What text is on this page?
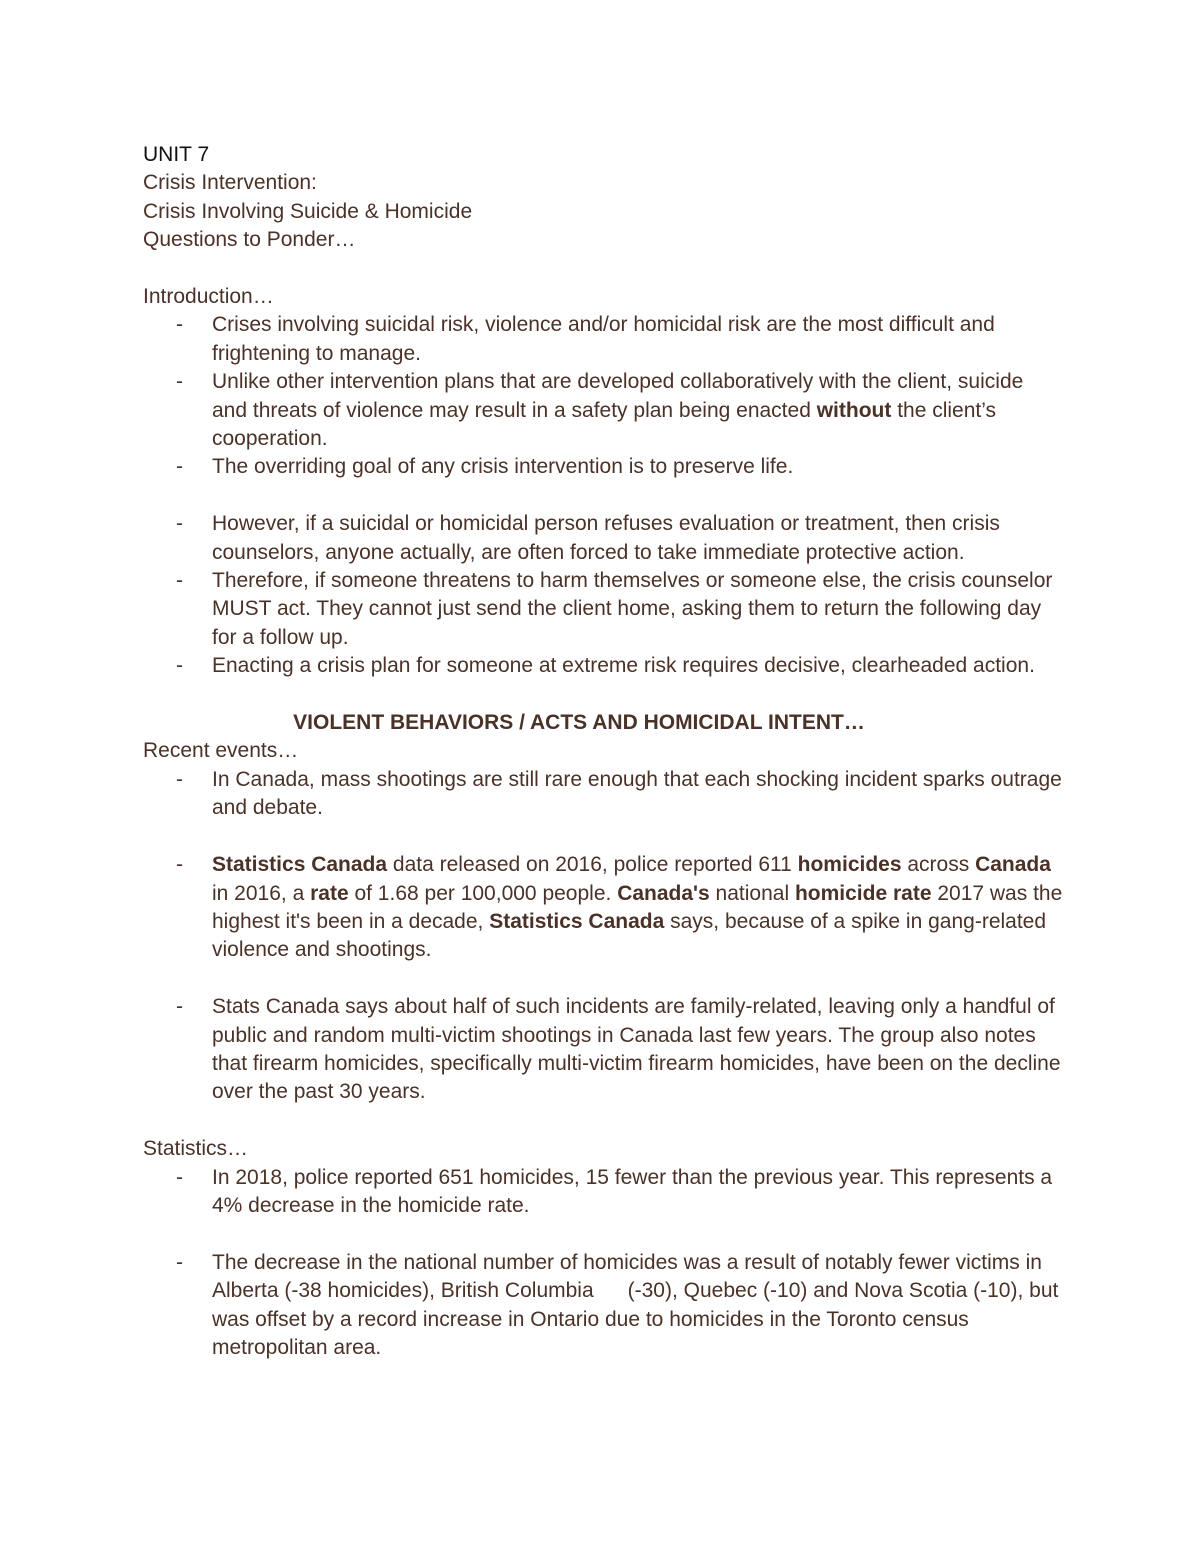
UNIT 7
Crisis Intervention:
Crisis Involving Suicide & Homicide
Questions to Ponder…
Introduction…
- Crises involving suicidal risk, violence and/or homicidal risk are the most difficult and frightening to manage.
- Unlike other intervention plans that are developed collaboratively with the client, suicide and threats of violence may result in a safety plan being enacted without the client’s cooperation.
- The overriding goal of any crisis intervention is to preserve life.
- However, if a suicidal or homicidal person refuses evaluation or treatment, then crisis counselors, anyone actually, are often forced to take immediate protective action.
- Therefore, if someone threatens to harm themselves or someone else, the crisis counselor MUST act. They cannot just send the client home, asking them to return the following day for a follow up.
- Enacting a crisis plan for someone at extreme risk requires decisive, clearheaded action.
VIOLENT BEHAVIORS / ACTS AND HOMICIDAL INTENT…
Recent events…
- In Canada, mass shootings are still rare enough that each shocking incident sparks outrage and debate.
- Statistics Canada data released on 2016, police reported 611 homicides across Canada in 2016, a rate of 1.68 per 100,000 people. Canada's national homicide rate 2017 was the highest it's been in a decade, Statistics Canada says, because of a spike in gang-related violence and shootings.
- Stats Canada says about half of such incidents are family-related, leaving only a handful of public and random multi-victim shootings in Canada last few years. The group also notes that firearm homicides, specifically multi-victim firearm homicides, have been on the decline over the past 30 years.
Statistics…
- In 2018, police reported 651 homicides, 15 fewer than the previous year. This represents a 4% decrease in the homicide rate.
- The decrease in the national number of homicides was a result of notably fewer victims in Alberta (-38 homicides), British Columbia (-30), Quebec (-10) and Nova Scotia (-10), but was offset by a record increase in Ontario due to homicides in the Toronto census metropolitan area.
